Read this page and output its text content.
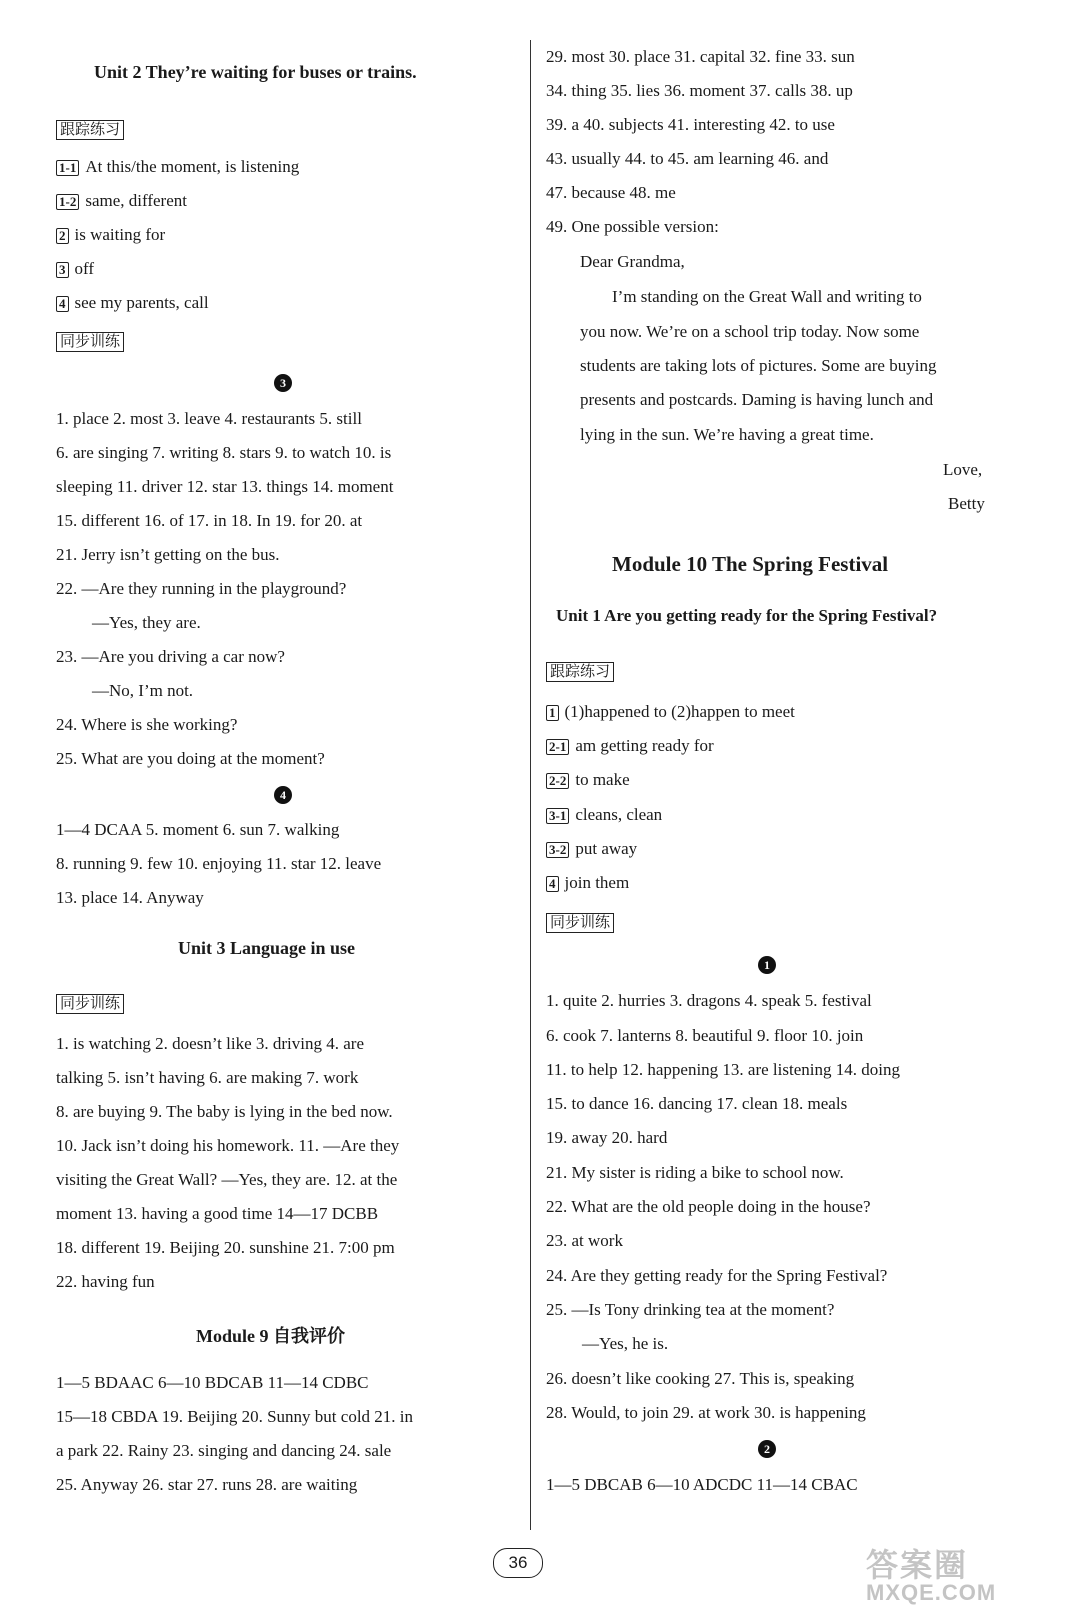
Unit 2 They’re waiting for buses or trains.
跟踪练习
1-1 At this/the moment, is listening
1-2 same, different
2 is waiting for
3 off
4 see my parents, call
同步训练
3
1. place 2. most 3. leave 4. restaurants 5. still
6. are singing 7. writing 8. stars 9. to watch 10. is
sleeping 11. driver 12. star 13. things 14. moment
15. different 16. of 17. in 18. In 19. for 20. at
21. Jerry isn’t getting on the bus.
22. —Are they running in the playground?
—Yes, they are.
23. —Are you driving a car now?
—No, I’m not.
24. Where is she working?
25. What are you doing at the moment?
4
1—4 DCAA 5. moment 6. sun 7. walking
8. running 9. few 10. enjoying 11. star 12. leave
13. place 14. Anyway
Unit 3 Language in use
同步训练
1. is watching 2. doesn’t like 3. driving 4. are
talking 5. isn’t having 6. are making 7. work
8. are buying 9. The baby is lying in the bed now.
10. Jack isn’t doing his homework. 11. —Are they
visiting the Great Wall? —Yes, they are. 12. at the
moment 13. having a good time 14—17 DCBB
18. different 19. Beijing 20. sunshine 21. 7:00 pm
22. having fun
Module 9 自我评价
1—5 BDAAC 6—10 BDCAB 11—14 CDBC
15—18 CBDA 19. Beijing 20. Sunny but cold 21. in
a park 22. Rainy 23. singing and dancing 24. sale
25. Anyway 26. star 27. runs 28. are waiting
29. most 30. place 31. capital 32. fine 33. sun
34. thing 35. lies 36. moment 37. calls 38. up
39. a 40. subjects 41. interesting 42. to use
43. usually 44. to 45. am learning 46. and
47. because 48. me
49. One possible version:
Dear Grandma,
I’m standing on the Great Wall and writing to
you now. We’re on a school trip today. Now some
students are taking lots of pictures. Some are buying
presents and postcards. Daming is having lunch and
lying in the sun. We’re having a great time.
Love,
Betty
Module 10 The Spring Festival
Unit 1 Are you getting ready for the Spring Festival?
跟踪练习
1 (1)happened to (2)happen to meet
2-1 am getting ready for
2-2 to make
3-1 cleans, clean
3-2 put away
4 join them
同步训练
1
1. quite 2. hurries 3. dragons 4. speak 5. festival
6. cook 7. lanterns 8. beautiful 9. floor 10. join
11. to help 12. happening 13. are listening 14. doing
15. to dance 16. dancing 17. clean 18. meals
19. away 20. hard
21. My sister is riding a bike to school now.
22. What are the old people doing in the house?
23. at work
24. Are they getting ready for the Spring Festival?
25. —Is Tony drinking tea at the moment?
—Yes, he is.
26. doesn’t like cooking 27. This is, speaking
28. Would, to join 29. at work 30. is happening
2
1—5 DBCAB 6—10 ADCDC 11—14 CBAC
36	答案圈
MXQE.COM
